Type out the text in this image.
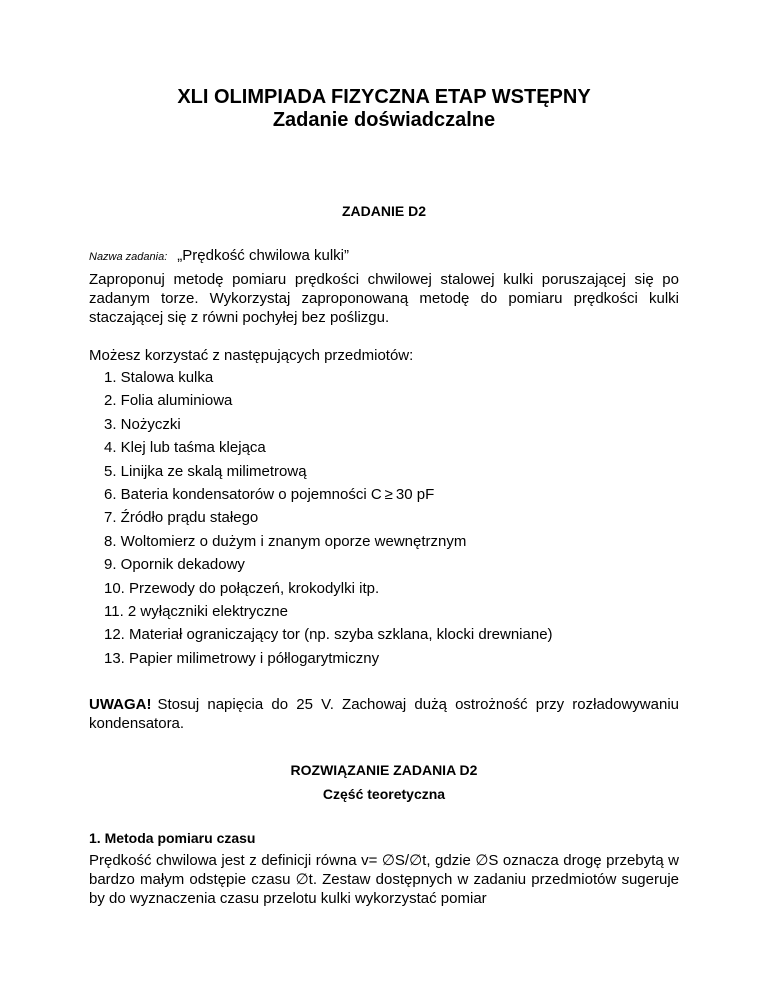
XLI OLIMPIADA FIZYCZNA ETAP WSTĘPNY
Zadanie doświadczalne
ZADANIE D2
Nazwa zadania: „Prędkość chwilowa kulki”

Zaproponuj metodę pomiaru prędkości chwilowej stalowej kulki poruszającej się po zadanym torze. Wykorzystaj zaproponowaną metodę do pomiaru prędkości kulki staczającej się z równi pochyłej bez poślizgu.

Możesz korzystać z następujących przedmiotów:

1. Stalowa kulka
2. Folia aluminiowa
3. Nożyczki
4. Klej lub taśma klejąca
5. Linijka ze skalą milimetrową
6. Bateria kondensatorów o pojemności C ≥ 30 pF
7. Źródło prądu stałego
8. Woltomierz o dużym i znanym oporze wewnętrznym
9. Opornik dekadowy
10. Przewody do połączeń, krokodylki itp.
11. 2 wyłączniki elektryczne
12. Materiał ograniczający tor (np. szyba szklana, klocki drewniane)
13. Papier milimetrowy i półlogarytmiczny
UWAGA! Stosuj napięcia do 25 V. Zachowaj dużą ostrożność przy rozładowywaniu kondensatora.
ROZWIĄZANIE ZADANIA D2
Część teoretyczna
1. Metoda pomiaru czasu

Prędkość chwilowa jest z definicji równa v= ∅S/∅t, gdzie ∅S oznacza drogę przebytą w bardzo małym odstępie czasu ∅t. Zestaw dostępnych w zadaniu przedmiotów sugeruje by do wyznaczenia czasu przelotu kulki wykorzystać pomiar
